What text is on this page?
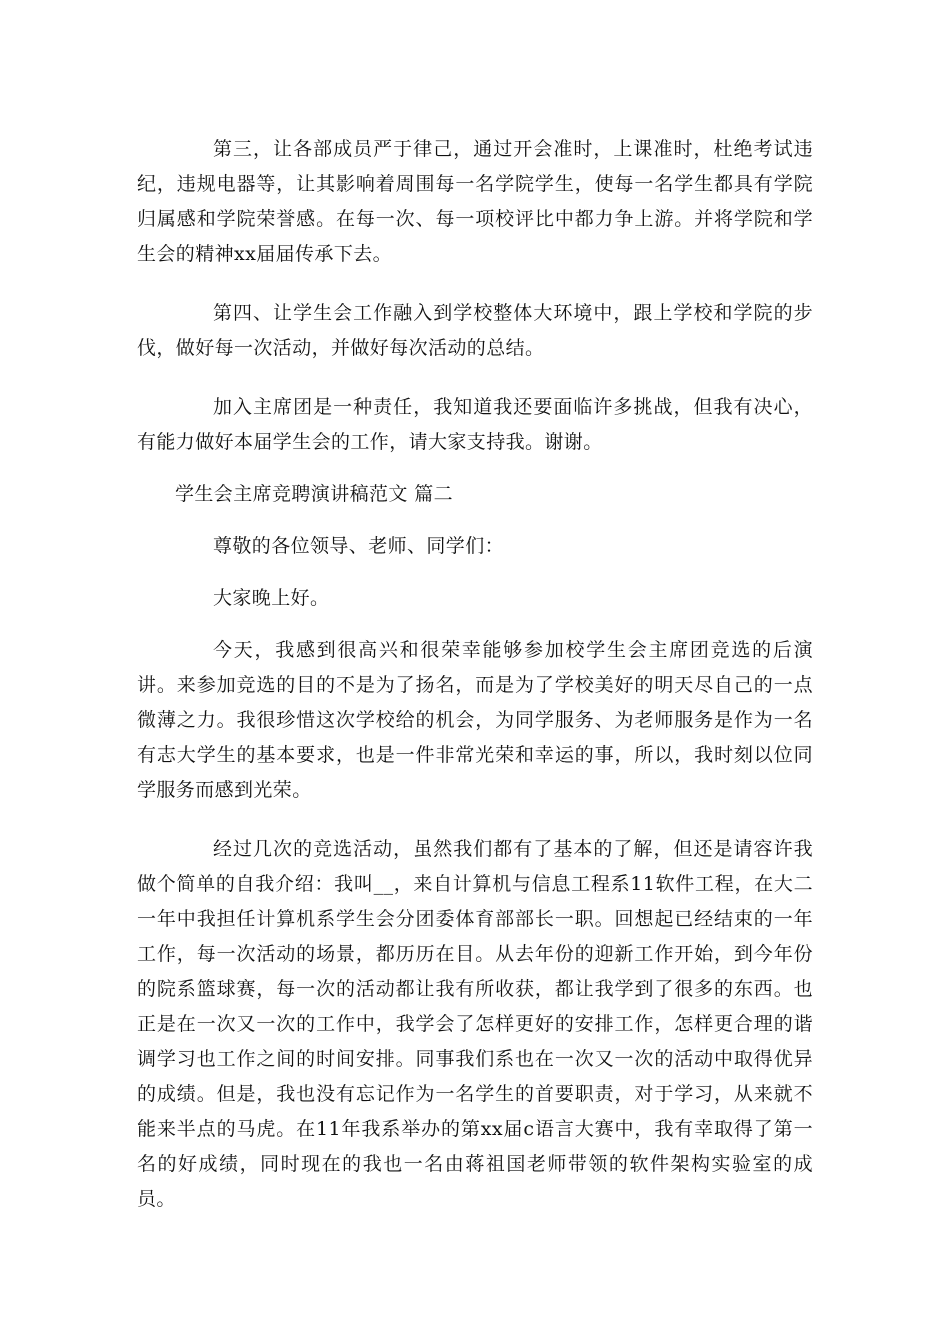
第三，让各部成员严于律己，通过开会准时，上课准时，杜绝考试违纪，违规电器等，让其影响着周围每一名学院学生，使每一名学生都具有学院归属感和学院荣誉感。在每一次、每一项校评比中都力争上游。并将学院和学生会的精神xx届届传承下去。

第四、让学生会工作融入到学校整体大环境中，跟上学校和学院的步伐，做好每一次活动，并做好每次活动的总结。

加入主席团是一种责任，我知道我还要面临许多挑战，但我有决心，有能力做好本届学生会的工作，请大家支持我。谢谢。

学生会主席竞聘演讲稿范文 篇二

尊敬的各位领导、老师、同学们：

大家晚上好。

今天，我感到很高兴和很荣幸能够参加校学生会主席团竞选的后演讲。来参加竞选的目的不是为了扬名，而是为了学校美好的明天尽自己的一点微薄之力。我很珍惜这次学校给的机会，为同学服务、为老师服务是作为一名有志大学生的基本要求，也是一件非常光荣和幸运的事，所以，我时刻以位同学服务而感到光荣。

经过几次的竞选活动，虽然我们都有了基本的了解，但还是请容许我做个简单的自我介绍：我叫__，来自计算机与信息工程系11软件工程，在大二一年中我担任计算机系学生会分团委体育部部长一职。回想起已经结束的一年工作，每一次活动的场景，都历历在目。从去年份的迎新工作开始，到今年份的院系篮球赛，每一次的活动都让我有所收获，都让我学到了很多的东西。也正是在一次又一次的工作中，我学会了怎样更好的安排工作，怎样更合理的谐调学习也工作之间的时间安排。同事我们系也在一次又一次的活动中取得优异的成绩。但是，我也没有忘记作为一名学生的首要职责，对于学习，从来就不能来半点的马虎。在11年我系举办的第xx届c语言大赛中，我有幸取得了第一名的好成绩，同时现在的我也一名由蒋祖国老师带领的软件架构实验室的成员。
